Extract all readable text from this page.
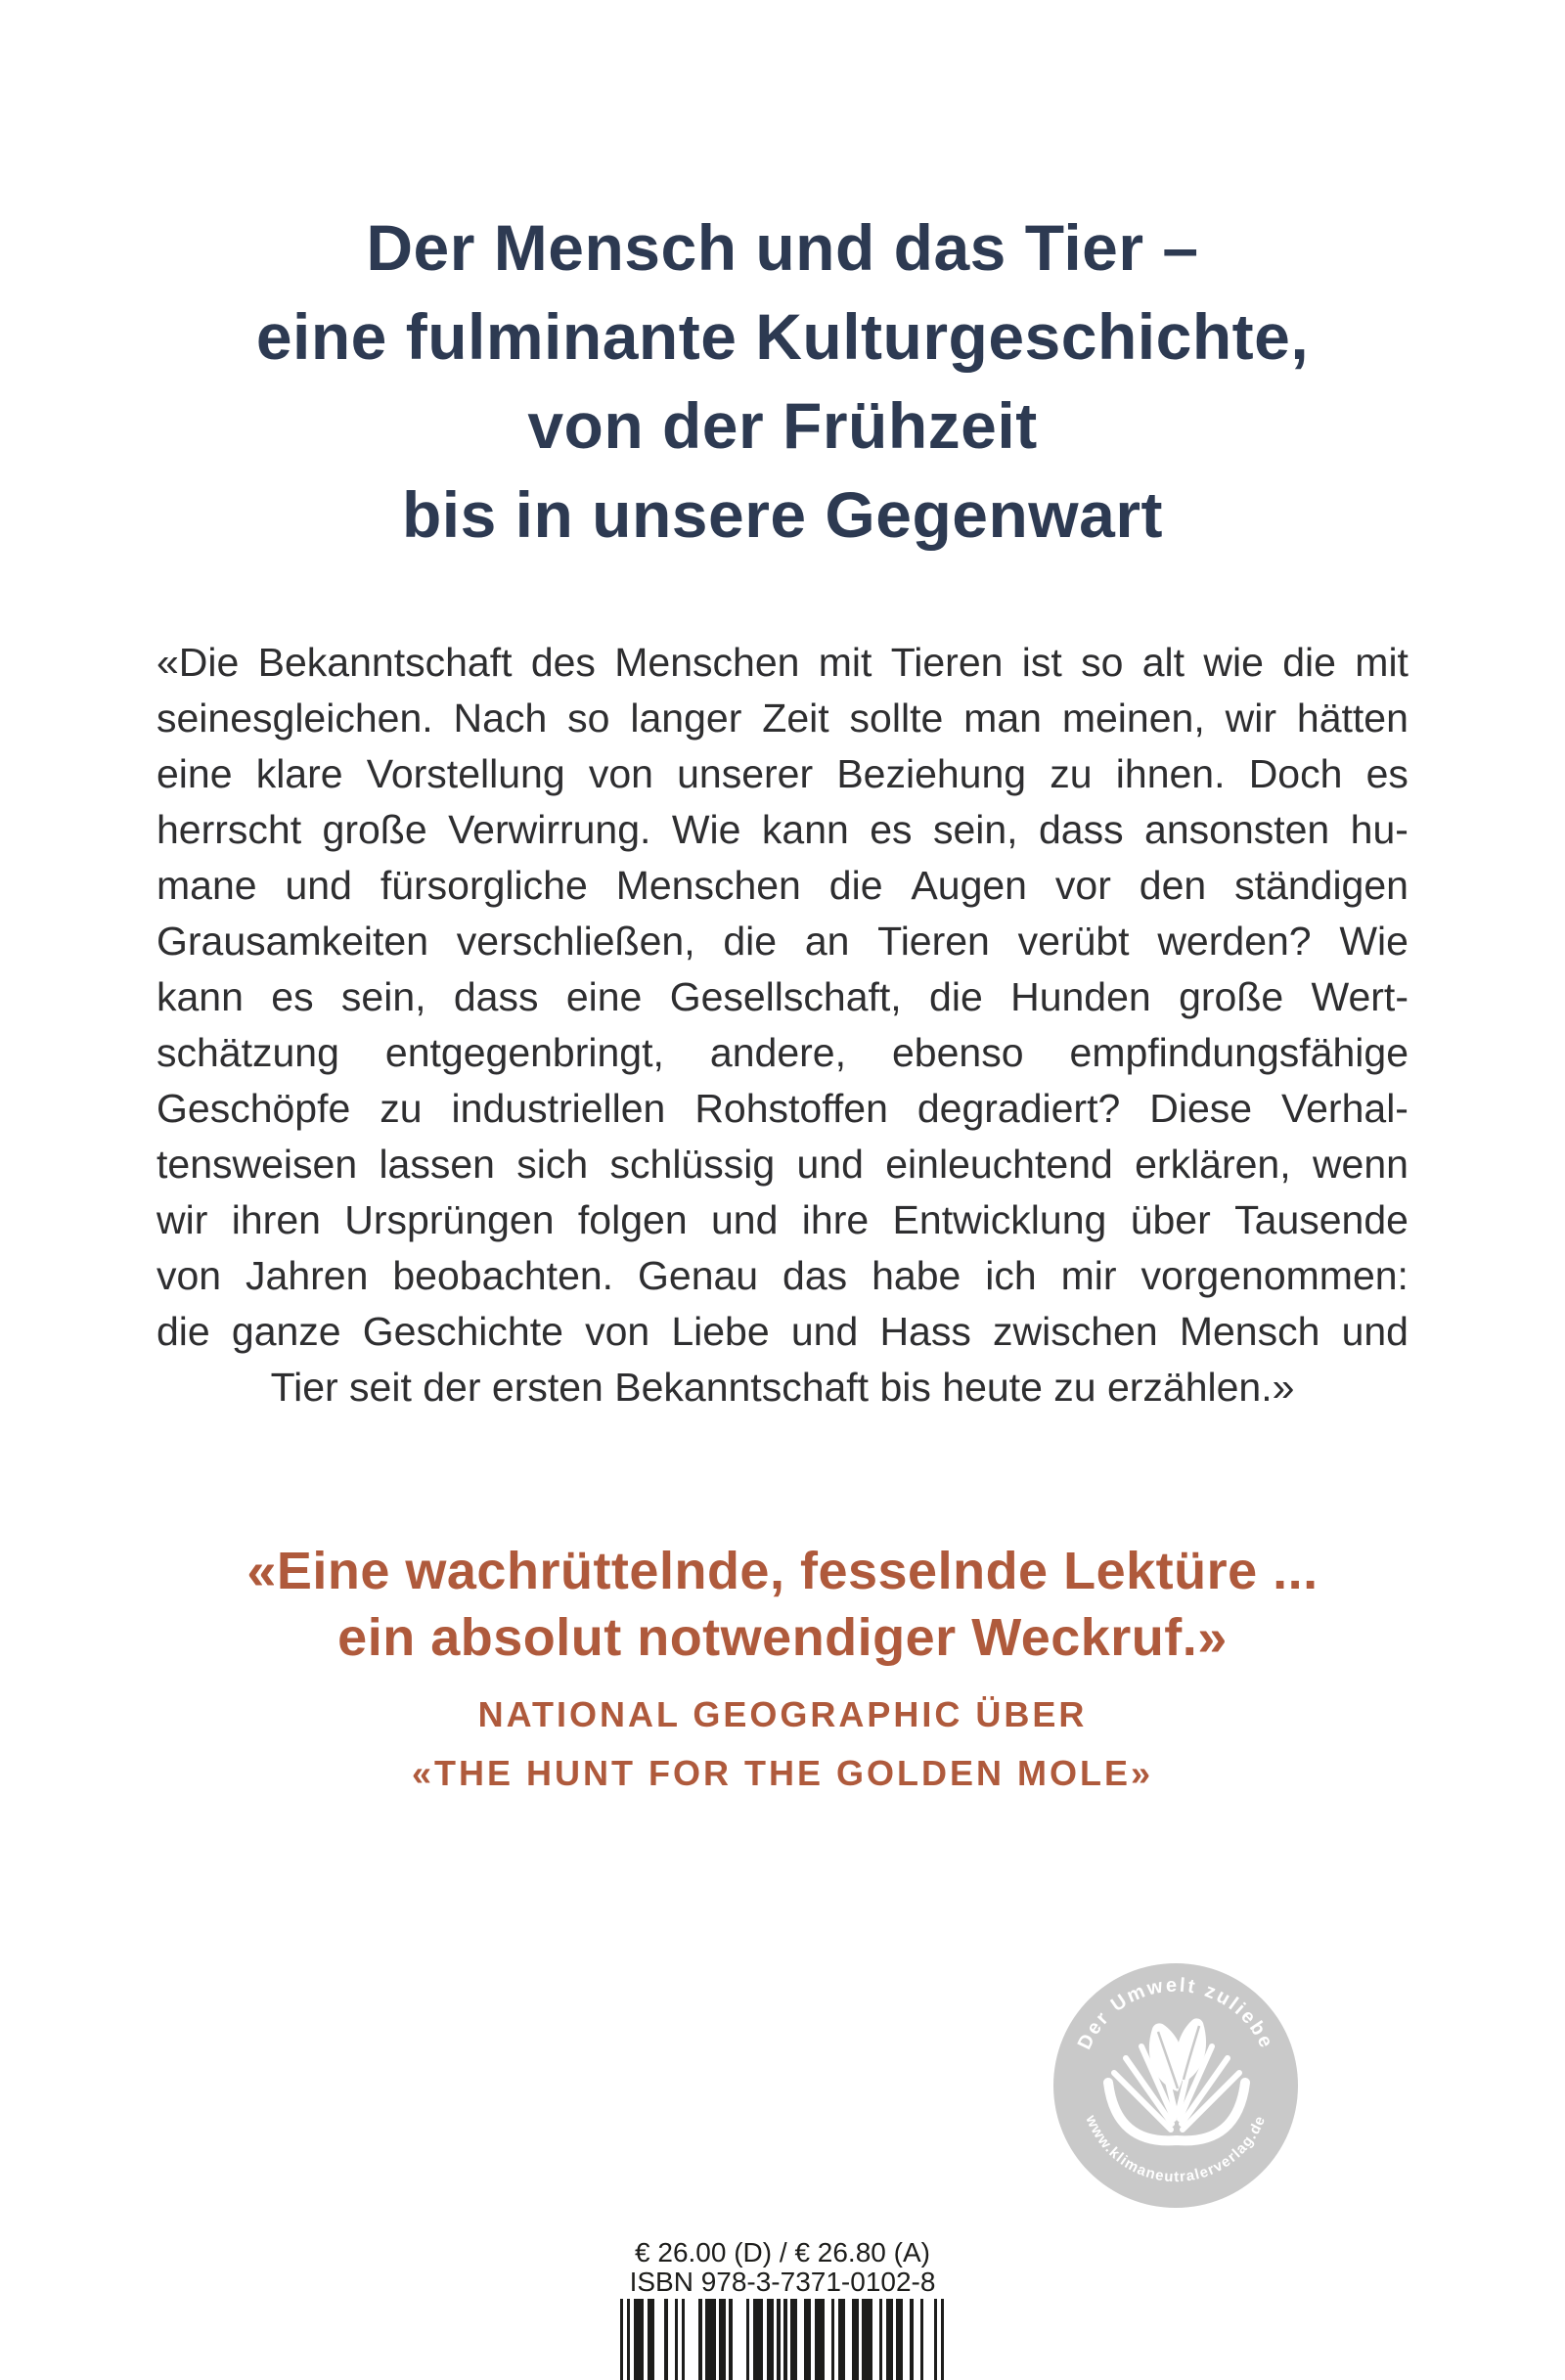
Der Mensch und das Tier –
eine fulminante Kulturgeschichte,
von der Frühzeit
bis in unsere Gegenwart
«Die Bekanntschaft des Menschen mit Tieren ist so alt wie die mit
seinesgleichen. Nach so langer Zeit sollte man meinen, wir hätten
eine klare Vorstellung von unserer Beziehung zu ihnen. Doch es
herrscht große Verwirrung. Wie kann es sein, dass ansonsten hu-
mane und fürsorgliche Menschen die Augen vor den ständigen
Grausamkeiten verschließen, die an Tieren verübt werden? Wie
kann es sein, dass eine Gesellschaft, die Hunden große Wert-
schätzung entgegenbringt, andere, ebenso empfindungsfähige
Geschöpfe zu industriellen Rohstoffen degradiert? Diese Verhal-
tensweisen lassen sich schlüssig und einleuchtend erklären, wenn
wir ihren Ursprüngen folgen und ihre Entwicklung über Tausende
von Jahren beobachten. Genau das habe ich mir vorgenommen:
die ganze Geschichte von Liebe und Hass zwischen Mensch und
Tier seit der ersten Bekanntschaft bis heute zu erzählen.»
«Eine wachrüttelnde, fesselnde Lektüre ...
ein absolut notwendiger Weckruf.»
NATIONAL GEOGRAPHIC ÜBER
«THE HUNT FOR THE GOLDEN MOLE»
Der Umwelt zuliebe
www.klimaneutralerverlag.de
€ 26.00 (D) / € 26.80 (A)
ISBN 978-3-7371-0102-8
